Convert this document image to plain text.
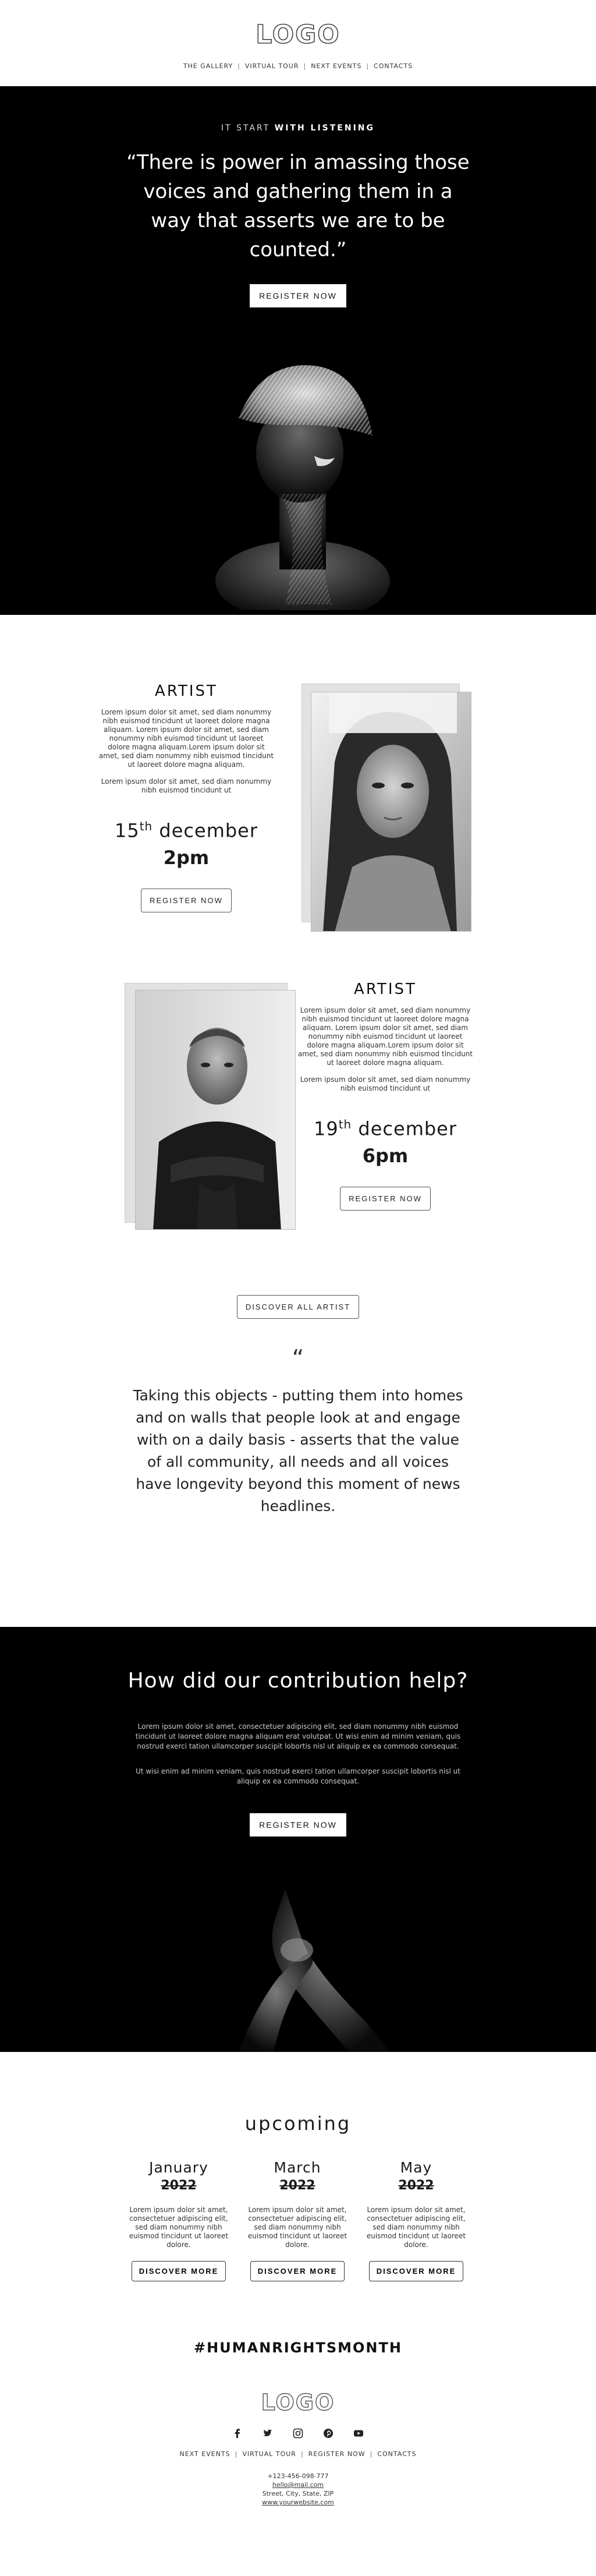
LOGO
THE GALLERY | VIRTUAL TOUR | NEXT EVENTS | CONTACTS
IT START WITH LISTENING
“There is power in amassing those voices and gathering them in a way that asserts we are to be counted.”
REGISTER NOW
ARTIST
Lorem ipsum dolor sit amet, sed diam nonummy nibh euismod tincidunt ut laoreet dolore magna aliquam. Lorem ipsum dolor sit amet, sed diam nonummy nibh euismod tincidunt ut laoreet dolore magna aliquam.Lorem ipsum dolor sit amet, sed diam nonummy nibh euismod tincidunt ut laoreet dolore magna aliquam.
Lorem ipsum dolor sit amet, sed diam nonummy nibh euismod tincidunt ut
15th december
2pm
REGISTER NOW
ARTIST
Lorem ipsum dolor sit amet, sed diam nonummy nibh euismod tincidunt ut laoreet dolore magna aliquam. Lorem ipsum dolor sit amet, sed diam nonummy nibh euismod tincidunt ut laoreet dolore magna aliquam.Lorem ipsum dolor sit amet, sed diam nonummy nibh euismod tincidunt ut laoreet dolore magna aliquam.
Lorem ipsum dolor sit amet, sed diam nonummy nibh euismod tincidunt ut
19th december
6pm
REGISTER NOW
DISCOVER ALL ARTIST
“
Taking this objects - putting them into homes and on walls that people look at and engage with on a daily basis - asserts that the value of all community, all needs and all voices have longevity beyond this moment of news headlines.
How did our contribution help?
Lorem ipsum dolor sit amet, consectetuer adipiscing elit, sed diam nonummy nibh euismod tincidunt ut laoreet dolore magna aliquam erat volutpat. Ut wisi enim ad minim veniam, quis nostrud exerci tation ullamcorper suscipit lobortis nisl ut aliquip ex ea commodo consequat.
Ut wisi enim ad minim veniam, quis nostrud exerci tation ullamcorper suscipit lobortis nisl ut aliquip ex ea commodo consequat.
REGISTER NOW
upcoming
January
2022
Lorem ipsum dolor sit amet, consectetuer adipiscing elit, sed diam nonummy nibh euismod tincidunt ut laoreet dolore.
DISCOVER MORE
March
2022
Lorem ipsum dolor sit amet, consectetuer adipiscing elit, sed diam nonummy nibh euismod tincidunt ut laoreet dolore.
DISCOVER MORE
May
2022
Lorem ipsum dolor sit amet, consectetuer adipiscing elit, sed diam nonummy nibh euismod tincidunt ut laoreet dolore.
DISCOVER MORE
#HUMANRIGHTSMONTH
LOGO
NEXT EVENTS | VIRTUAL TOUR | REGISTER NOW | CONTACTS
+123-456-098-777
hello@mail.com
Street, City, State, ZIP
www.yourwebsite.com
